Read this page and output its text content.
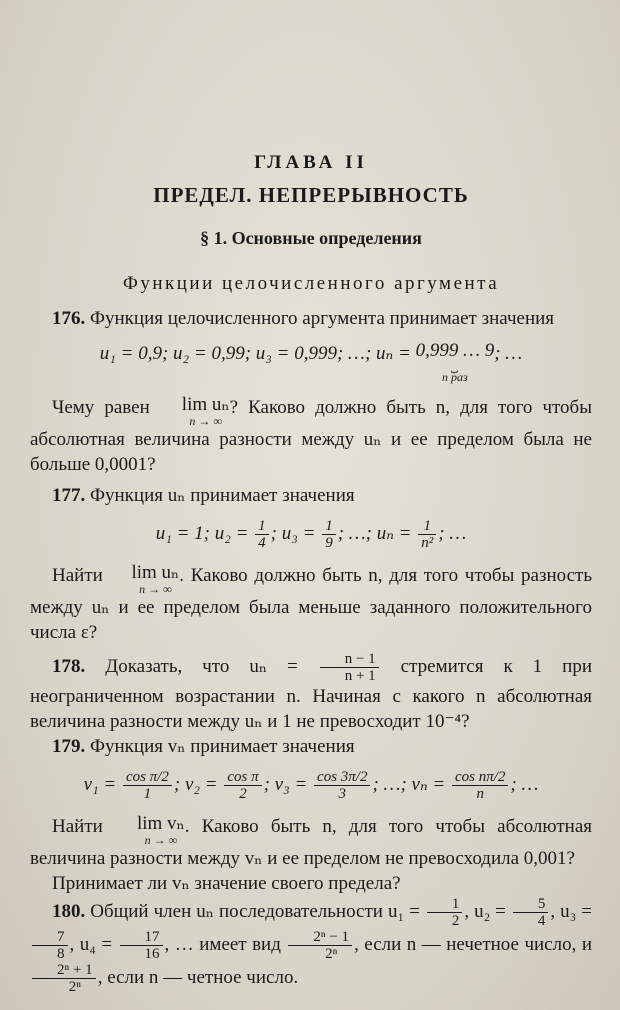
ГЛАВА II
ПРЕДЕЛ. НЕПРЕРЫВНОСТЬ
§ 1. Основные определения
Функции целочисленного аргумента

176. Функция целочисленного аргумента принимает значения

u₁ = 0,9; u₂ = 0,99; u₃ = 0,999; …; uₙ = 0,999 … 9
⏟
n раз
; …

Чему равен lim uₙ
n → ∞
? Каково должно быть n, для того чтобы абсолютная величина разности между uₙ и ее пределом была не больше 0,0001?

177. Функция uₙ принимает значения

u₁ = 1; $u_2 = \frac{1}{4}$ ; $u_3 = \frac{1}{9}$ ; …; $u_n = \frac{1}{\text{n²}}$ ; …

Найти lim uₙ
n → ∞
. Каково должно быть n, для того чтобы разность между uₙ и ее пределом была меньше заданного положительного числа ε?

178. Доказать, что $u_n = \frac{n - 1}{n + 1}$ стремится к 1 при неограниченном возрастании n. Начиная с какого n абсолютная величина разности между uₙ и 1 не превосходит 10⁻⁴?

179. Функция vₙ принимает значения

$v_1 = \frac{\text{cos π/2}}{1}$ ; $v_2 = \frac{\text{cos π}}{2}$ ; $v_3 = \frac{\cos 3\pi/2}{3}$ ; …; $v_n = \frac{\text{cos nπ/2}}{n}$ ; …

Найти lim vₙ
n → ∞
. Каково быть n, для того чтобы абсолютная величина разности между vₙ и ее пределом не превосходила 0,001?

Принимает ли vₙ значение своего предела?

180. Общий член uₙ последовательности $u_1 = \frac{1}{2}$ , $u_2 = \frac{5}{4}$ , u₃ =
$\frac{7}{8}$ , $u_4 = \frac{17}{16}$ , … имеет вид $\frac{\text{2ⁿ − 1}}{\text{2ⁿ}}$ , если n — нечетное число, и
$\frac{\text{2ⁿ + 1}}{\text{2ⁿ}}$ , если n — четное число.
